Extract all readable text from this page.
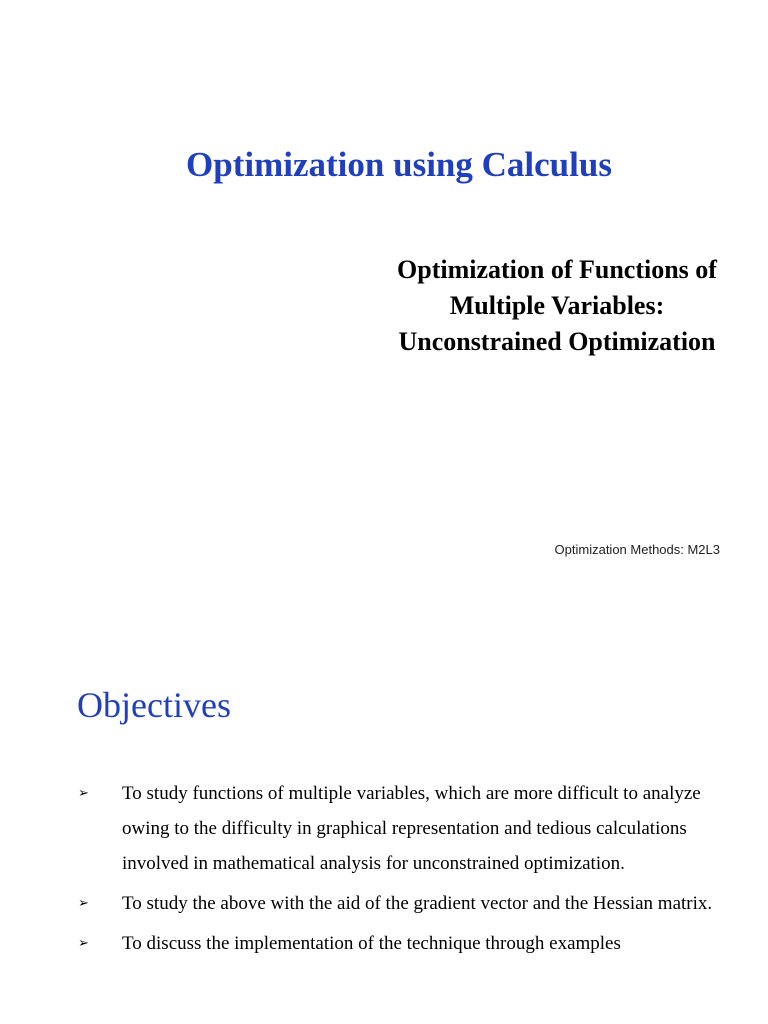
Optimization using Calculus
Optimization of Functions of Multiple Variables: Unconstrained Optimization

Optimization Methods: M2L3

Objectives
➢ To study functions of multiple variables, which are more difficult to analyze owing to the difficulty in graphical representation and tedious calculations involved in mathematical analysis for unconstrained optimization.
➢ To study the above with the aid of the gradient vector and the Hessian matrix.
➢ To discuss the implementation of the technique through examples
